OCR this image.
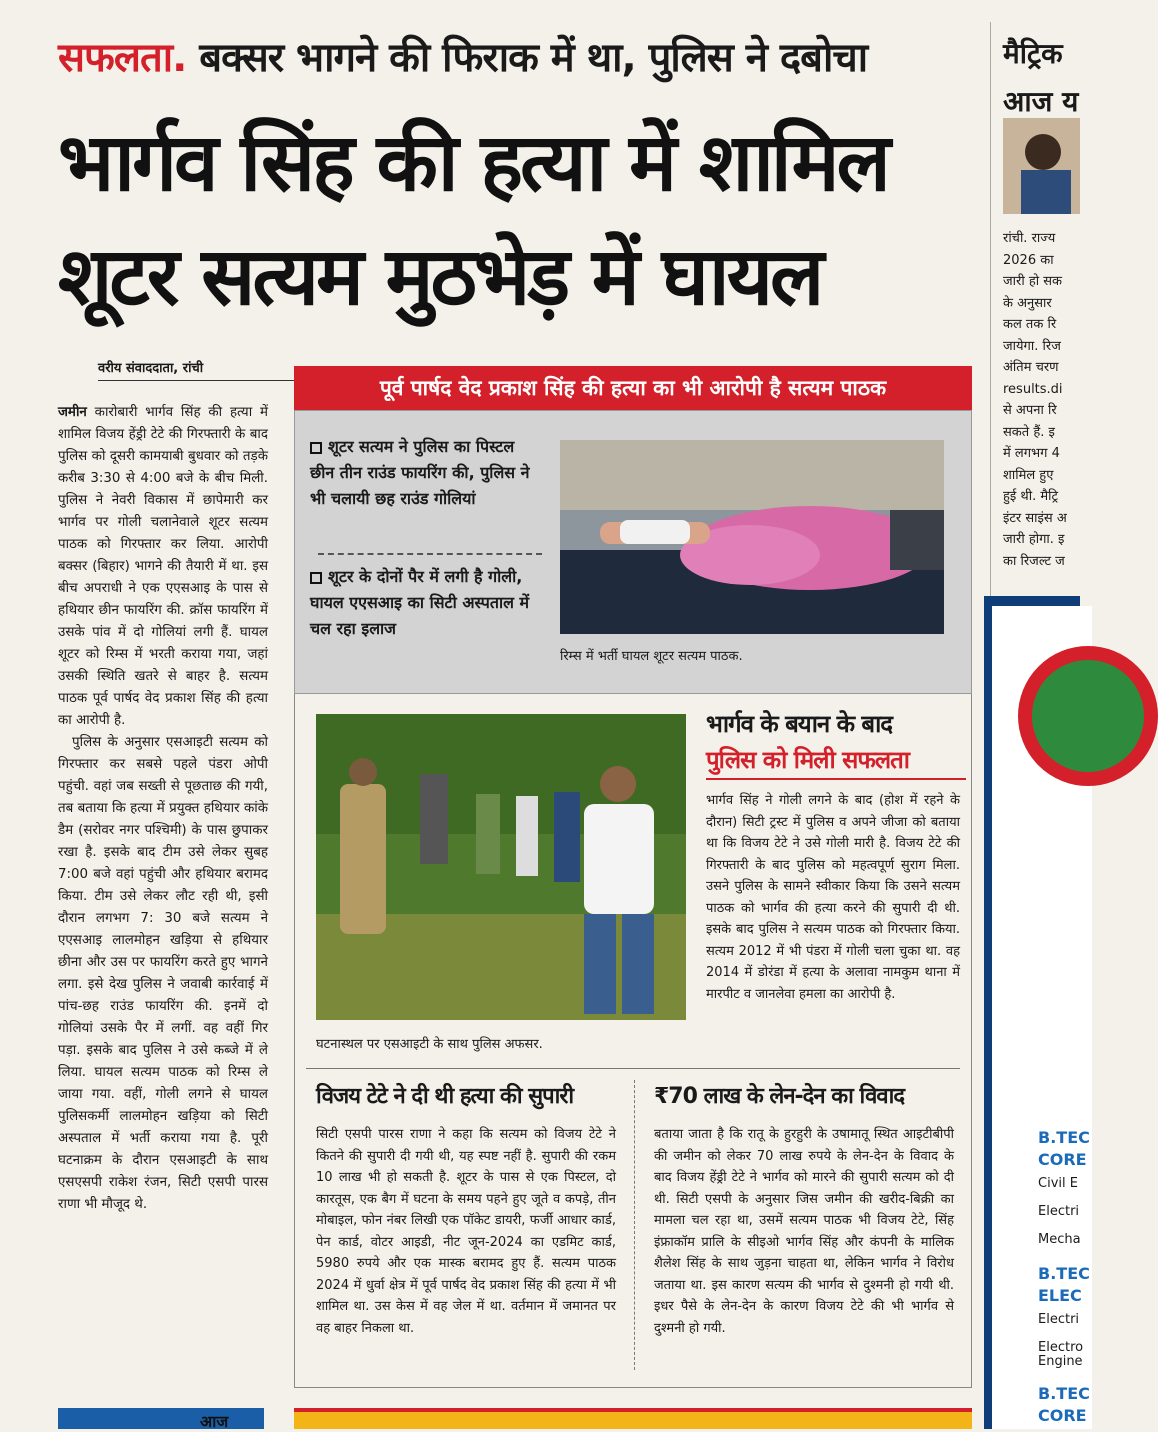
सफलता. बक्सर भागने की फिराक में था, पुलिस ने दबोचा
भार्गव सिंह की हत्या में शामिल
शूटर सत्यम मुठभेड़ में घायल
वरीय संवाददाता, रांची

जमीन कारोबारी भार्गव सिंह की हत्या में शामिल विजय हेंड्री टेटे की गिरफ्तारी के बाद पुलिस को दूसरी कामयाबी बुधवार को तड़के करीब 3:30 से 4:00 बजे के बीच मिली. पुलिस ने नेवरी विकास में छापेमारी कर भार्गव पर गोली चलानेवाले शूटर सत्यम पाठक को गिरफ्तार कर लिया. आरोपी बक्सर (बिहार) भागने की तैयारी में था. इस बीच अपराधी ने एक एएसआइ के पास से हथियार छीन फायरिंग की. क्रॉस फायरिंग में उसके पांव में दो गोलियां लगी हैं. घायल शूटर को रिम्स में भरती कराया गया, जहां उसकी स्थिति खतरे से बाहर है. सत्यम पाठक पूर्व पार्षद वेद प्रकाश सिंह की हत्या का आरोपी है.

पुलिस के अनुसार एसआइटी सत्यम को गिरफ्तार कर सबसे पहले पंडरा ओपी पहुंची. वहां जब सख्ती से पूछताछ की गयी, तब बताया कि हत्या में प्रयुक्त हथियार कांके डैम (सरोवर नगर पश्चिमी) के पास छुपाकर रखा है. इसके बाद टीम उसे लेकर सुबह 7:00 बजे वहां पहुंची और हथियार बरामद किया. टीम उसे लेकर लौट रही थी, इसी दौरान लगभग 7: 30 बजे सत्यम ने एएसआइ लालमोहन खड़िया से हथियार छीना और उस पर फायरिंग करते हुए भागने लगा. इसे देख पुलिस ने जवाबी कार्रवाई में पांच-छह राउंड फायरिंग की. इनमें दो गोलियां उसके पैर में लगीं. वह वहीं गिर पड़ा. इसके बाद पुलिस ने उसे कब्जे में ले लिया. घायल सत्यम पाठक को रिम्स ले जाया गया. वहीं, गोली लगने से घायल पुलिसकर्मी लालमोहन खड़िया को सिटी अस्पताल में भर्ती कराया गया है. पूरी घटनाक्रम के दौरान एसआइटी के साथ एसएसपी राकेश रंजन, सिटी एसपी पारस राणा भी मौजूद थे.

आज
पूर्व पार्षद वेद प्रकाश सिंह की हत्या का भी आरोपी है सत्यम पाठक
शूटर सत्यम ने पुलिस का पिस्टल छीन तीन राउंड फायरिंग की, पुलिस ने भी चलायी छह राउंड गोलियां
शूटर के दोनों पैर में लगी है गोली, घायल एएसआइ का सिटी अस्पताल में चल रहा इलाज
रिम्स में भर्ती घायल शूटर सत्यम पाठक.
घटनास्थल पर एसआइटी के साथ पुलिस अफसर.
भार्गव के बयान के बाद
पुलिस को मिली सफलता
भार्गव सिंह ने गोली लगने के बाद (होश में रहने के दौरान) सिटी ट्रस्ट में पुलिस व अपने जीजा को बताया था कि विजय टेटे ने उसे गोली मारी है. विजय टेटे की गिरफ्तारी के बाद पुलिस को महत्वपूर्ण सुराग मिला. उसने पुलिस के सामने स्वीकार किया कि उसने सत्यम पाठक को भार्गव की हत्या करने की सुपारी दी थी. इसके बाद पुलिस ने सत्यम पाठक को गिरफ्तार किया. सत्यम 2012 में भी पंडरा में गोली चला चुका था. वह 2014 में डोरंडा में हत्या के अलावा नामकुम थाना में मारपीट व जानलेवा हमला का आरोपी है.
विजय टेटे ने दी थी हत्या की सुपारी
सिटी एसपी पारस राणा ने कहा कि सत्यम को विजय टेटे ने कितने की सुपारी दी गयी थी, यह स्पष्ट नहीं है. सुपारी की रकम 10 लाख भी हो सकती है. शूटर के पास से एक पिस्टल, दो कारतूस, एक बैग में घटना के समय पहने हुए जूते व कपड़े, तीन मोबाइल, फोन नंबर लिखी एक पॉकेट डायरी, फर्जी आधार कार्ड, पेन कार्ड, वोटर आइडी, नीट जून-2024 का एडमिट कार्ड, 5980 रुपये और एक मास्क बरामद हुए हैं. सत्यम पाठक 2024 में धुर्वा क्षेत्र में पूर्व पार्षद वेद प्रकाश सिंह की हत्या में भी शामिल था. उस केस में वह जेल में था. वर्तमान में जमानत पर वह बाहर निकला था.
₹70 लाख के लेन-देन का विवाद
बताया जाता है कि रातू के हुरहुरी के उषामातू स्थित आइटीबीपी की जमीन को लेकर 70 लाख रुपये के लेन-देन के विवाद के बाद विजय हेंड्री टेटे ने भार्गव को मारने की सुपारी सत्यम को दी थी. सिटी एसपी के अनुसार जिस जमीन की खरीद-बिक्री का मामला चल रहा था, उसमें सत्यम पाठक भी विजय टेटे, सिंह इंफ्राकॉम प्रालि के सीइओ भार्गव सिंह और कंपनी के मालिक शैलेश सिंह के साथ जुड़ना चाहता था, लेकिन भार्गव ने विरोध जताया था. इस कारण सत्यम की भार्गव से दुश्मनी हो गयी थी. इधर पैसे के लेन-देन के कारण विजय टेटे की भी भार्गव से दुश्मनी हो गयी.
मैट्रिक
आज य
रांची. राज्य
2026 का
जारी हो सक
के अनुसार
कल तक रि
जायेगा. रिज
अंतिम चरण
results.di
से अपना रि
सकते हैं. इ
में लगभग 4
शामिल हुए
हुई थी. मैट्रि
इंटर साइंस अ
जारी होगा. इ
का रिजल्ट ज
B.TEC
CORE
Civil E
Electri
Mecha
B.TEC
ELEC
Electri
Electro
Engine
B.TEC
CORE
